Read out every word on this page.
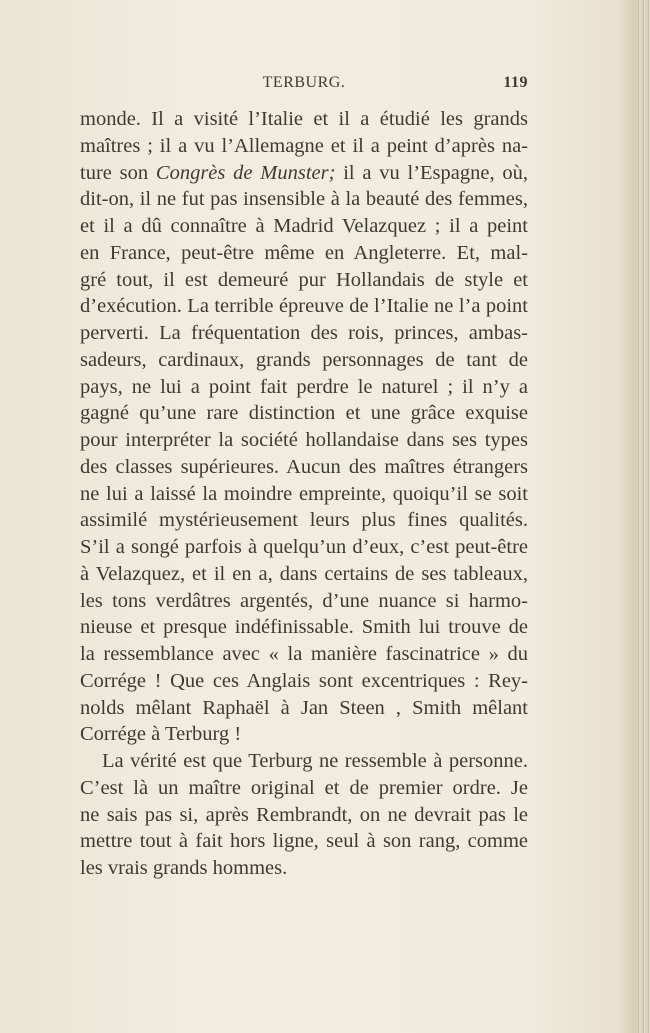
TERBURG.	119
monde. Il a visité l’Italie et il a étudié les grands
maîtres ; il a vu l’Allemagne et il a peint d’après na-
ture son Congrès de Munster; il a vu l’Espagne, où,
dit-on, il ne fut pas insensible à la beauté des femmes,
et il a dû connaître à Madrid Velazquez ; il a peint
en France, peut-être même en Angleterre. Et, mal-
gré tout, il est demeuré pur Hollandais de style et
d’exécution. La terrible épreuve de l’Italie ne l’a point
perverti. La fréquentation des rois, princes, ambas-
sadeurs, cardinaux, grands personnages de tant de
pays, ne lui a point fait perdre le naturel ; il n’y a
gagné qu’une rare distinction et une grâce exquise
pour interpréter la société hollandaise dans ses types
des classes supérieures. Aucun des maîtres étrangers
ne lui a laissé la moindre empreinte, quoiqu’il se soit
assimilé mystérieusement leurs plus fines qualités.
S’il a songé parfois à quelqu’un d’eux, c’est peut-être
à Velazquez, et il en a, dans certains de ses tableaux,
les tons verdâtres argentés, d’une nuance si harmo-
nieuse et presque indéfinissable. Smith lui trouve de
la ressemblance avec « la manière fascinatrice » du
Corrége ! Que ces Anglais sont excentriques : Rey-
nolds mêlant Raphaël à Jan Steen , Smith mêlant
Corrége à Terburg !
La vérité est que Terburg ne ressemble à personne.
C’est là un maître original et de premier ordre. Je
ne sais pas si, après Rembrandt, on ne devrait pas le
mettre tout à fait hors ligne, seul à son rang, comme
les vrais grands hommes.
